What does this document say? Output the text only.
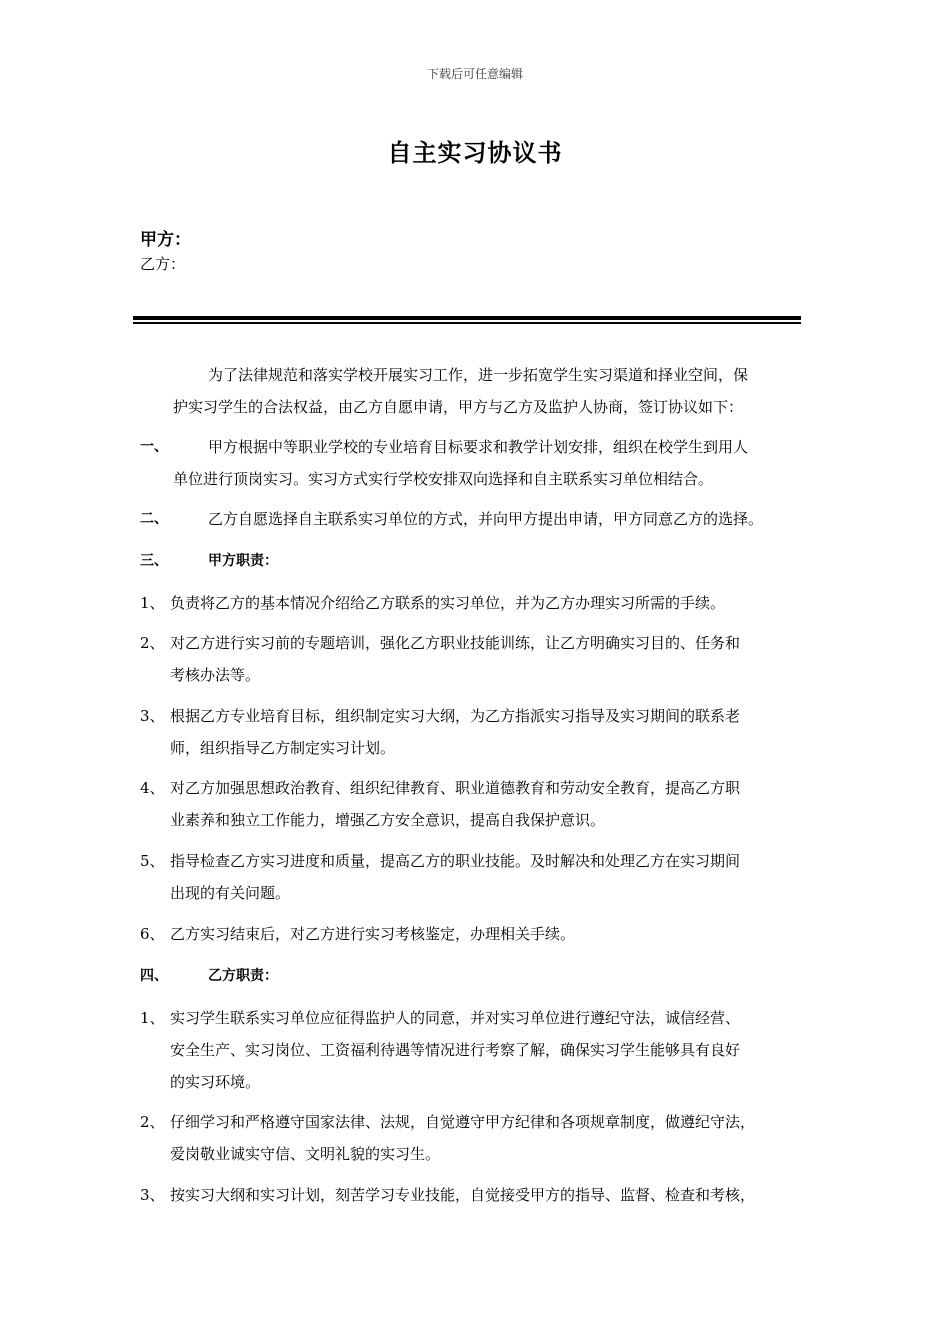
下载后可任意编辑
自主实习协议书
甲方：
乙方：
为了法律规范和落实学校开展实习工作，进一步拓宽学生实习渠道和择业空间，保
护实习学生的合法权益，由乙方自愿申请，甲方与乙方及监护人协商，签订协议如下：
一、	甲方根据中等职业学校的专业培育目标要求和教学计划安排，组织在校学生到用人
单位进行顶岗实习。实习方式实行学校安排双向选择和自主联系实习单位相结合。
二、	乙方自愿选择自主联系实习单位的方式，并向甲方提出申请，甲方同意乙方的选择。
三、	甲方职责：
1、 负责将乙方的基本情况介绍给乙方联系的实习单位，并为乙方办理实习所需的手续。
2、 对乙方进行实习前的专题培训，强化乙方职业技能训练，让乙方明确实习目的、任务和
考核办法等。
3、 根据乙方专业培育目标，组织制定实习大纲，为乙方指派实习指导及实习期间的联系老
师，组织指导乙方制定实习计划。
4、 对乙方加强思想政治教育、组织纪律教育、职业道德教育和劳动安全教育，提高乙方职
业素养和独立工作能力，增强乙方安全意识，提高自我保护意识。
5、 指导检查乙方实习进度和质量，提高乙方的职业技能。及时解决和处理乙方在实习期间
出现的有关问题。
6、 乙方实习结束后，对乙方进行实习考核鉴定，办理相关手续。
四、	乙方职责：
1、 实习学生联系实习单位应征得监护人的同意，并对实习单位进行遵纪守法，诚信经营、
安全生产、实习岗位、工资福利待遇等情况进行考察了解，确保实习学生能够具有良好
的实习环境。
2、 仔细学习和严格遵守国家法律、法规，自觉遵守甲方纪律和各项规章制度，做遵纪守法，
爱岗敬业诚实守信、文明礼貌的实习生。
3、 按实习大纲和实习计划，刻苦学习专业技能，自觉接受甲方的指导、监督、检查和考核，
